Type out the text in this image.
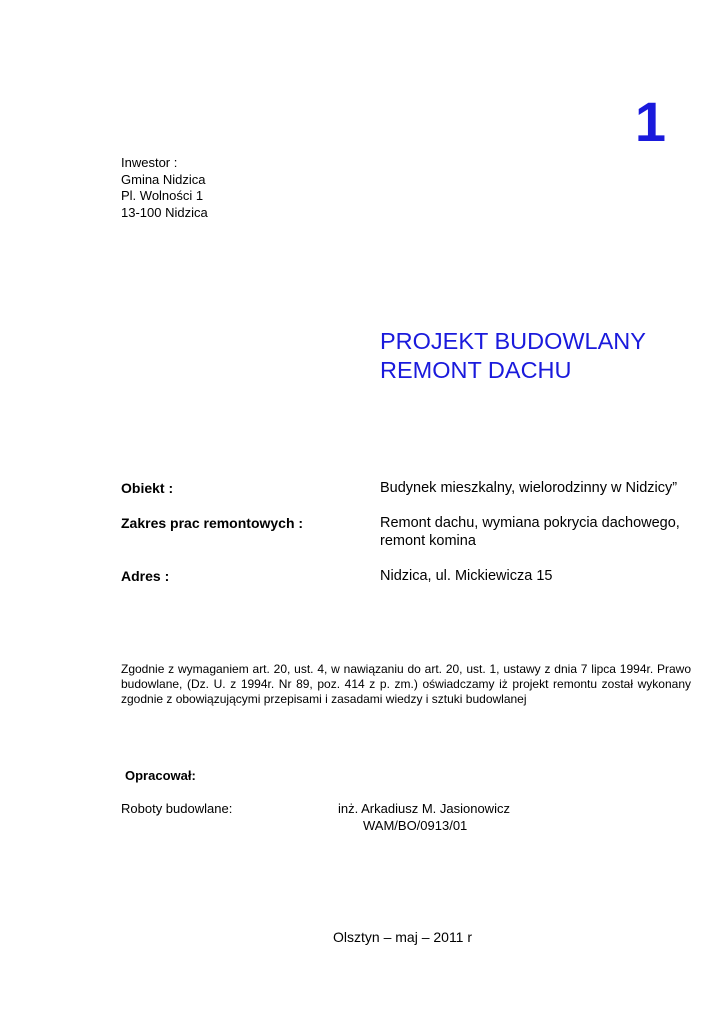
1
Inwestor :
Gmina Nidzica
Pl. Wolności 1
13-100 Nidzica
PROJEKT BUDOWLANY
REMONT DACHU
Obiekt :	Budynek mieszkalny, wielorodzinny w Nidzicy”
Zakres prac remontowych :	Remont dachu, wymiana pokrycia dachowego,
remont komina
Adres :	Nidzica, ul. Mickiewicza 15
Zgodnie z wymaganiem art. 20, ust. 4, w nawiązaniu do art. 20, ust. 1, ustawy z dnia 7 lipca 1994r. Prawo budowlane, (Dz. U. z 1994r. Nr 89, poz. 414 z p. zm.) oświadczamy iż projekt remontu został wykonany zgodnie z obowiązującymi przepisami i zasadami wiedzy i sztuki budowlanej
Opracował:
Roboty budowlane:	inż. Arkadiusz M. Jasionowicz
WAM/BO/0913/01
Olsztyn – maj – 2011 r
